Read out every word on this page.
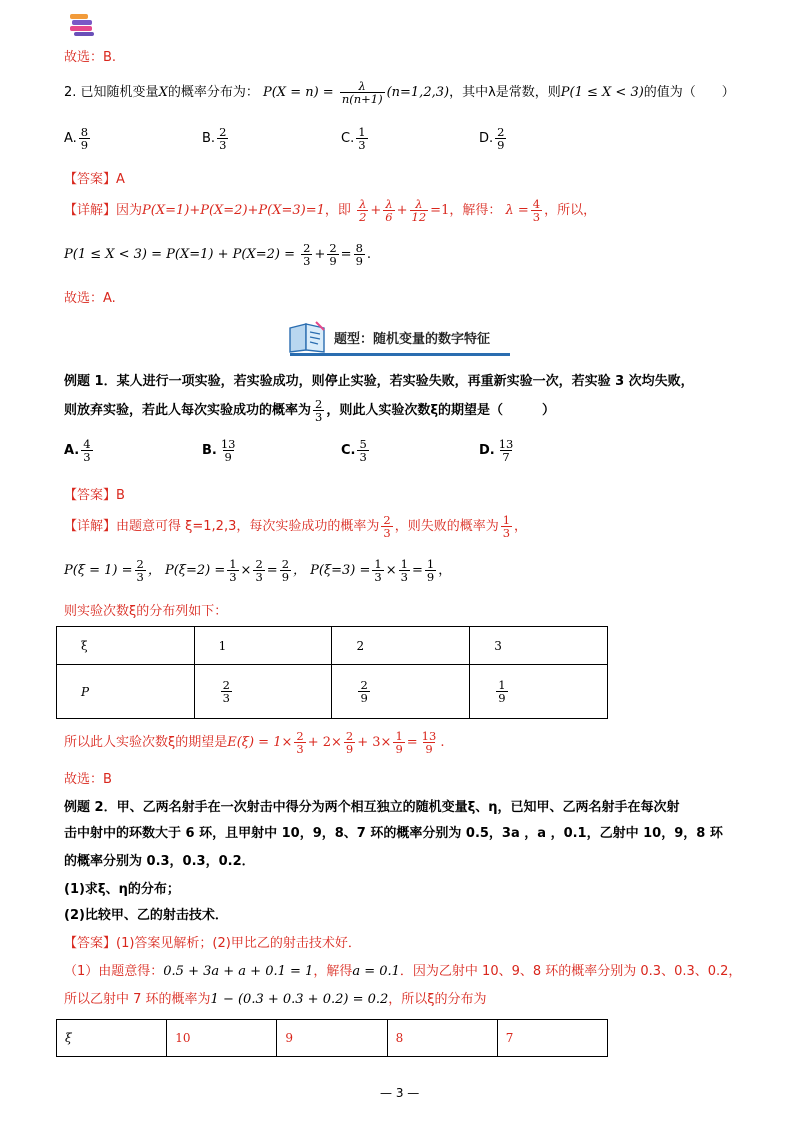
故选：B.
2. 已知随机变量X的概率分布为： $P(X = n) = \frac{\lambda}{n(n+1)} (n=1,2,3)$，其中λ是常数，则P(1 ≤ X < 3)的值为（　　）
A. $\frac{8}{9}$	B. $\frac{2}{3}$	C. $\frac{1}{3}$	D. $\frac{2}{9}$
【答案】A
【详解】因为P(X=1)+P(X=2)+P(X=3)=1，即 $\frac{\lambda}{2} + \frac{\lambda}{6} + \frac{\lambda}{12} =1$，解得： $\lambda = \frac{4}{3}$ ，所以，
$P(1 \le X < 3) = P(X=1) + P(X=2) = \frac{2}{3} + \frac{2}{9} = \frac{8}{9}$ .
故选：A.
题型：随机变量的数字特征
例题 1．某人进行一项实验，若实验成功，则停止实验，若实验失败，再重新实验一次，若实验 3 次均失败，
则放弃实验，若此人每次实验成功的概率为 $\frac{2}{3}$ ，则此人实验次数ξ的期望是（　　　）
A. $\frac{4}{3}$	B. $\frac{13}{9}$	C. $\frac{5}{3}$	D. $\frac{13}{7}$
【答案】B
【详解】由题意可得 ξ=1,2,3，每次实验成功的概率为 $\frac{2}{3}$ ，则失败的概率为 $\frac{1}{3}$ ，
$P(\xi = 1) = \frac{2}{3}$ ， $P(\xi=2) = \frac{1}{3} \times \frac{2}{3} = \frac{2}{9}$ ， $P(\xi=3) = \frac{1}{3} \times \frac{1}{3} = \frac{1}{9}$ ，
则实验次数ξ的分布列如下：
ξ	1	2	3
P	$\frac{2}{3}$	$\frac{2}{9}$	$\frac{1}{9}$
所以此人实验次数ξ的期望是$E(\xi) = 1\times \frac{2}{3} + 2\times \frac{2}{9} + 3\times \frac{1}{9} = \frac{13}{9}$ .
故选：B
例题 2．甲、乙两名射手在一次射击中得分为两个相互独立的随机变量ξ、η，已知甲、乙两名射手在每次射
击中射中的环数大于 6 环，且甲射中 10，9，8、7 环的概率分别为 0.5，3a ，a ，0.1，乙射中 10，9，8 环
的概率分别为 0.3，0.3，0.2．
(1)求ξ、η的分布；
(2)比较甲、乙的射击技术．
【答案】(1)答案见解析；(2)甲比乙的射击技术好．
（1）由题意得：0.5 + 3a + a + 0.1 = 1，解得a = 0.1．因为乙射中 10、9、8 环的概率分别为 0.3、0.3、0.2，
所以乙射中 7 环的概率为1 − (0.3 + 0.3 + 0.2) = 0.2，所以ξ的分布为
ξ	10	9	8	7
— 3 —
